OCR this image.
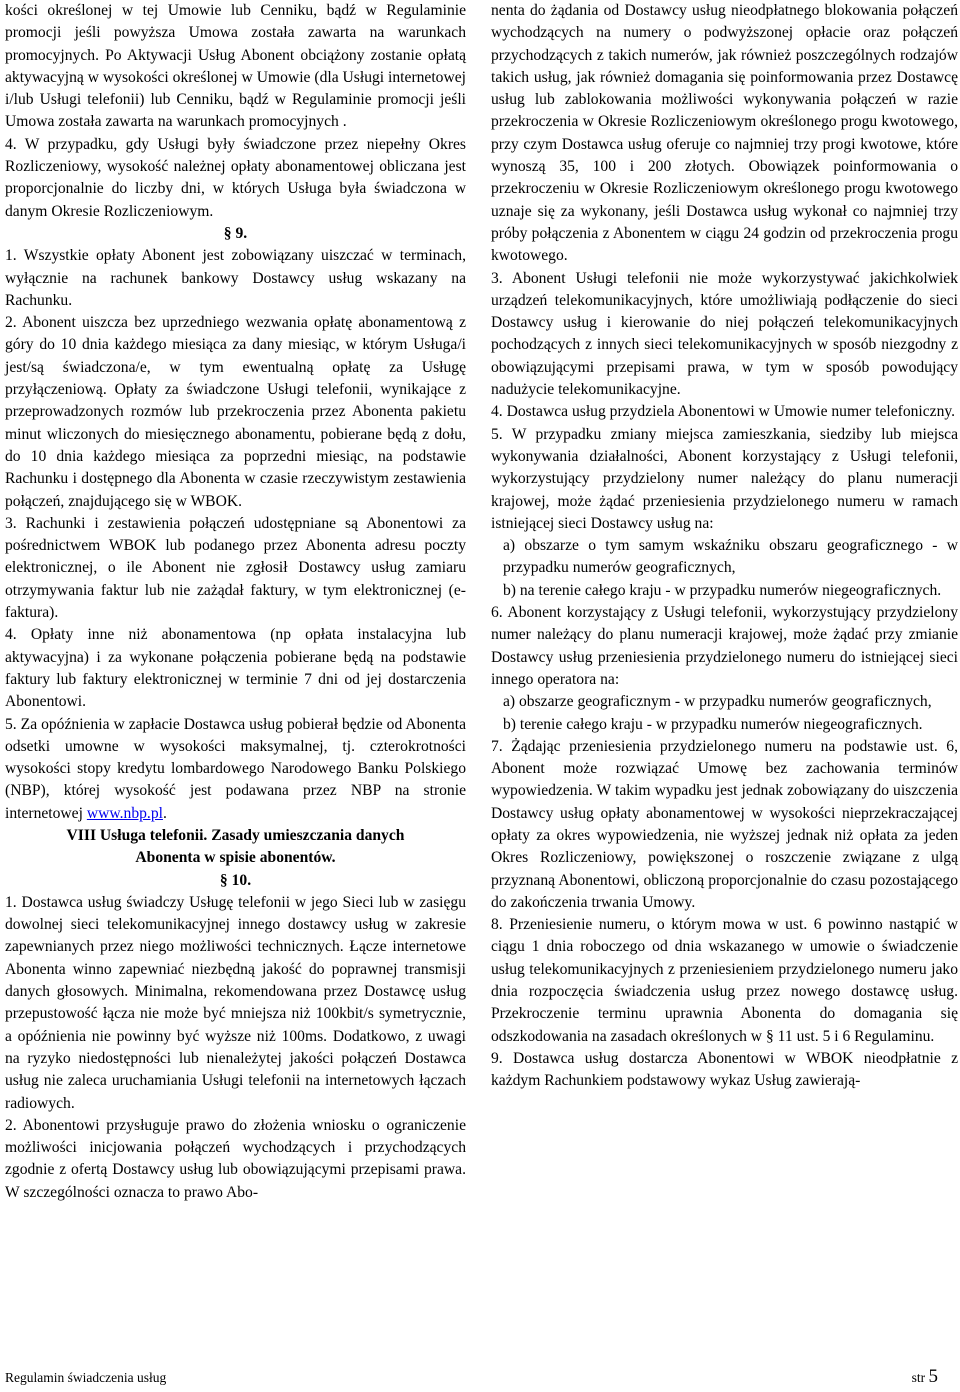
kości określonej w tej Umowie lub Cenniku, bądź w Regulaminie promocji jeśli powyższa Umowa została zawarta na warunkach promocyjnych. Po Aktywacji Usług Abonent obciążony zostanie opłatą aktywacyjną w wysokości określonej w Umowie (dla Usługi internetowej i/lub Usługi telefonii) lub Cenniku, bądź w Regulaminie promocji jeśli Umowa została zawarta na warunkach promocyjnych .

4. W przypadku, gdy Usługi były świadczone przez niepełny Okres Rozliczeniowy, wysokość należnej opłaty abonamentowej obliczana jest proporcjonalnie do liczby dni, w których Usługa była świadczona w danym Okresie Rozliczeniowym.

§ 9.

1. Wszystkie opłaty Abonent jest zobowiązany uiszczać w terminach, wyłącznie na rachunek bankowy Dostawcy usług wskazany na Rachunku.

2. Abonent uiszcza bez uprzedniego wezwania opłatę abonamentową z góry do 10 dnia każdego miesiąca za dany miesiąc, w którym Usługa/i jest/są świadczona/e, w tym ewentualną opłatę za Usługę przyłączeniową. Opłaty za świadczone Usługi telefonii, wynikające z przeprowadzonych rozmów lub przekroczenia przez Abonenta pakietu minut wliczonych do miesięcznego abonamentu, pobierane będą z dołu, do 10 dnia każdego miesiąca za poprzedni miesiąc, na podstawie Rachunku i dostępnego dla Abonenta w czasie rzeczywistym zestawienia połączeń, znajdującego się w WBOK.

3. Rachunki i zestawienia połączeń udostępniane są Abonentowi za pośrednictwem WBOK lub podanego przez Abonenta adresu poczty elektronicznej, o ile Abonent nie zgłosił Dostawcy usług zamiaru otrzymywania faktur lub nie zażądał faktury, w tym elektronicznej (e-faktura).

4. Opłaty inne niż abonamentowa (np opłata instalacyjna lub aktywacyjna) i za wykonane połączenia pobierane będą na podstawie faktury lub faktury elektronicznej w terminie 7 dni od jej dostarczenia Abonentowi.

5. Za opóźnienia w zapłacie Dostawca usług pobierał będzie od Abonenta odsetki umowne w wysokości maksymalnej, tj. czterokrotności wysokości stopy kredytu lombardowego Narodowego Banku Polskiego (NBP), której wysokość jest podawana przez NBP na stronie internetowej www.nbp.pl.

VIII Usługa telefonii. Zasady umieszczania danych

Abonenta w spisie abonentów.

§ 10.

1. Dostawca usług świadczy Usługę telefonii w jego Sieci lub w zasięgu dowolnej sieci telekomunikacyjnej innego dostawcy usług w zakresie zapewnianych przez niego możliwości technicznych. Łącze internetowe Abonenta winno zapewniać niezbędną jakość do poprawnej transmisji danych głosowych. Minimalna, rekomendowana przez Dostawcę usług przepustowość łącza nie może być mniejsza niż 100kbit/s symetrycznie, a opóźnienia nie powinny być wyższe niż 100ms. Dodatkowo, z uwagi na ryzyko niedostępności lub nienależytej jakości połączeń Dostawca usług nie zaleca uruchamiania Usługi telefonii na internetowych łączach radiowych.

2. Abonentowi przysługuje prawo do złożenia wniosku o ograniczenie możliwości inicjowania połączeń wychodzących i przychodzących zgodnie z ofertą Dostawcy usług lub obowiązującymi przepisami prawa. W szczególności oznacza to prawo Abo-

nenta do żądania od Dostawcy usług nieodpłatnego blokowania połączeń wychodzących na numery o podwyższonej opłacie oraz połączeń przychodzących z takich numerów, jak również poszczególnych rodzajów takich usług, jak również domagania się poinformowania przez Dostawcę usług lub zablokowania możliwości wykonywania połączeń w razie przekroczenia w Okresie Rozliczeniowym określonego progu kwotowego, przy czym Dostawca usług oferuje co najmniej trzy progi kwotowe, które wynoszą 35, 100 i 200 złotych. Obowiązek poinformowania o przekroczeniu w Okresie Rozliczeniowym określonego progu kwotowego uznaje się za wykonany, jeśli Dostawca usług wykonał co najmniej trzy próby połączenia z Abonentem w ciągu 24 godzin od przekroczenia progu kwotowego.

3. Abonent Usługi telefonii nie może wykorzystywać jakichkolwiek urządzeń telekomunikacyjnych, które umożliwiają podłączenie do sieci Dostawcy usług i kierowanie do niej połączeń telekomunikacyjnych pochodzących z innych sieci telekomunikacyjnych w sposób niezgodny z obowiązującymi przepisami prawa, w tym w sposób powodujący nadużycie telekomunikacyjne.

4. Dostawca usług przydziela Abonentowi w Umowie numer telefoniczny.

5. W przypadku zmiany miejsca zamieszkania, siedziby lub miejsca wykonywania działalności, Abonent korzystający z Usługi telefonii, wykorzystujący przydzielony numer należący do planu numeracji krajowej, może żądać przeniesienia przydzielonego numeru w ramach istniejącej sieci Dostawcy usług na:

a) obszarze o tym samym wskaźniku obszaru geograficznego - w przypadku numerów geograficznych,

b) na terenie całego kraju - w przypadku numerów niegeograficznych.

6. Abonent korzystający z Usługi telefonii, wykorzystujący przydzielony numer należący do planu numeracji krajowej, może żądać przy zmianie Dostawcy usług przeniesienia przydzielonego numeru do istniejącej sieci innego operatora na:

a) obszarze geograficznym - w przypadku numerów geograficznych,

b) terenie całego kraju - w przypadku numerów niegeograficznych.

7. Żądając przeniesienia przydzielonego numeru na podstawie ust. 6, Abonent może rozwiązać Umowę bez zachowania terminów wypowiedzenia. W takim wypadku jest jednak zobowiązany do uiszczenia Dostawcy usług opłaty abonamentowej w wysokości nieprzekraczającej opłaty za okres wypowiedzenia, nie wyższej jednak niż opłata za jeden Okres Rozliczeniowy, powiększonej o roszczenie związane z ulgą przyznaną Abonentowi, obliczoną proporcjonalnie do czasu pozostającego do zakończenia trwania Umowy.

8. Przeniesienie numeru, o którym mowa w ust. 6 powinno nastąpić w ciągu 1 dnia roboczego od dnia wskazanego w umowie o świadczenie usług telekomunikacyjnych z przeniesieniem przydzielonego numeru jako dnia rozpoczęcia świadczenia usług przez nowego dostawcę usług. Przekroczenie terminu uprawnia Abonenta do domagania się odszkodowania na zasadach określonych w § 11 ust. 5 i 6 Regulaminu.

9. Dostawca usług dostarcza Abonentowi w WBOK nieodpłatnie z każdym Rachunkiem podstawowy wykaz Usług zawierają-

Regulamin świadczenia usług	str 5
